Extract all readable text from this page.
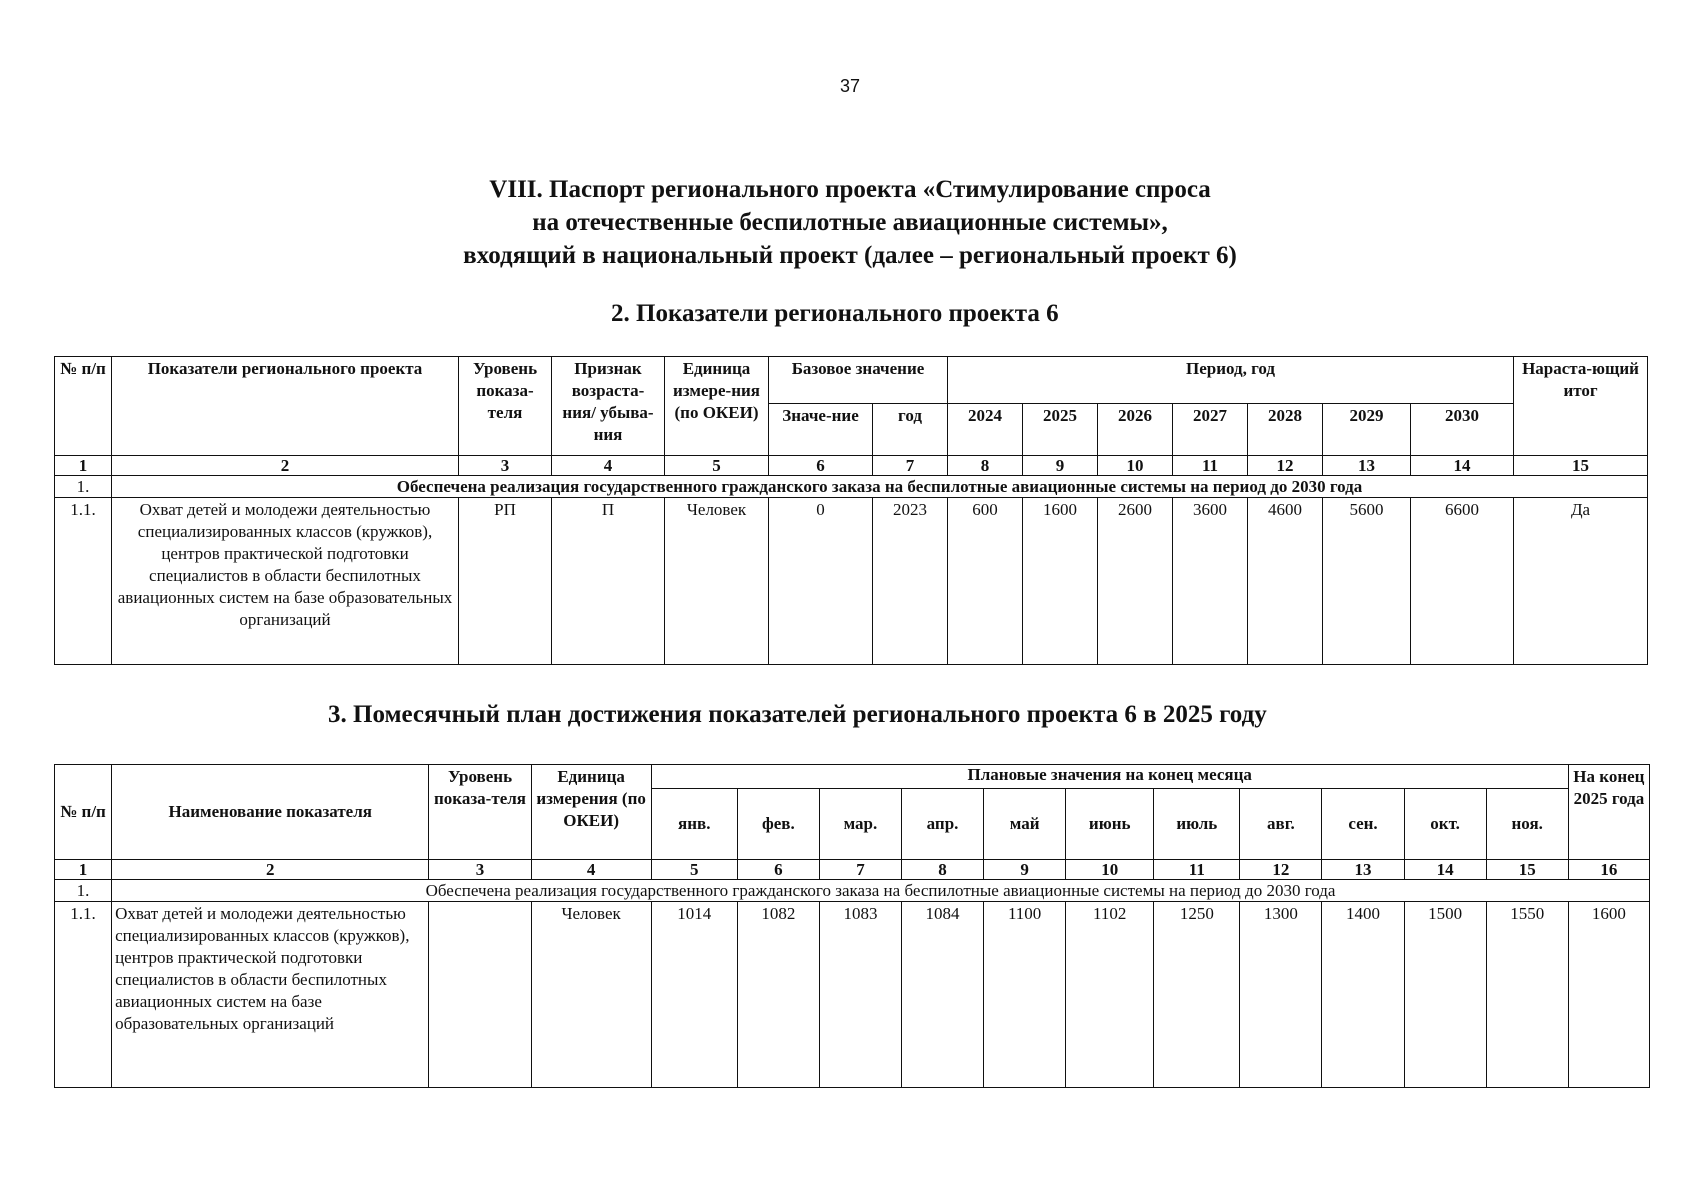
37
VIII. Паспорт регионального проекта «Стимулирование спроса
на отечественные беспилотные авиационные системы»,
входящий в национальный проект (далее – региональный проект 6)
2. Показатели регионального проекта 6
№ п/п	Показатели регионального проекта	Уровень показа-теля	Признак возраста-ния/ убыва-ния	Единица измере-ния (по ОКЕИ)	Базовое значение		Период, год							Нараста-ющий итог
					Значе-ние	год	2024	2025	2026	2027	2028	2029	2030	
1	2	3	4	5	6	7	8	9	10	11	12	13	14	15
1.	Обеспечена реализация государственного гражданского заказа на беспилотные авиационные системы на период до 2030 года													
1.1.	Охват детей и молодежи деятельностью специализированных классов (кружков), центров практической подготовки специалистов в области беспилотных авиационных систем на базе образовательных организаций	РП	П	Человек	0	2023	600	1600	2600	3600	4600	5600	6600	Да
3. Помесячный план достижения показателей регионального проекта 6 в 2025 году
№ п/п	Наименование показателя	Уровень показа-теля	Единица измерения (по ОКЕИ)	Плановые значения на конец месяца											На конец 2025 года
				янв.	фев.	мар.	апр.	май	июнь	июль	авг.	сен.	окт.	ноя.	
1	2	3	4	5	6	7	8	9	10	11	12	13	14	15	16
1.	Обеспечена реализация государственного гражданского заказа на беспилотные авиационные системы на период до 2030 года														
1.1.	Охват детей и молодежи деятельностью специализированных классов (кружков), центров практической подготовки специалистов в области беспилотных авиационных систем на базе образовательных организаций		Человек	1014	1082	1083	1084	1100	1102	1250	1300	1400	1500	1550	1600
